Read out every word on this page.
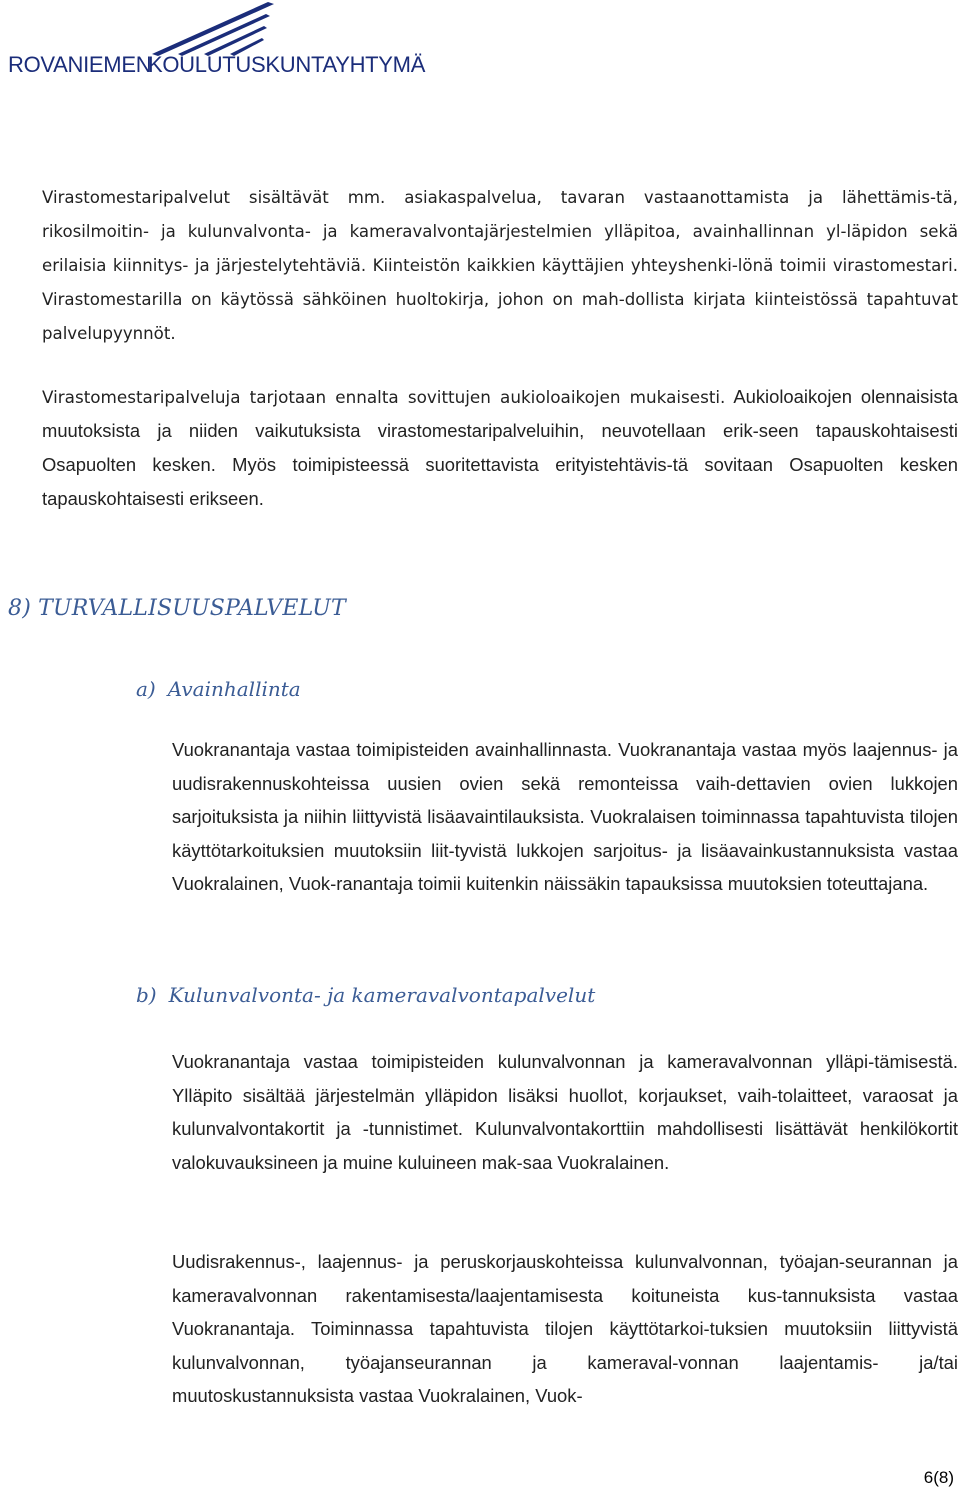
ROVANIEMEN
KOULUTUSKUNTAYHTYMÄ

Virastomestaripalvelut sisältävät mm. asiakaspalvelua, tavaran vastaanottamista ja lähettämis-tä, rikosilmoitin- ja kulunvalvonta- ja kameravalvontajärjestelmien ylläpitoa, avainhallinnan yl-läpidon sekä erilaisia kiinnitys- ja järjestelytehtäviä. Kiinteistön kaikkien käyttäjien yhteyshenki-lönä toimii virastomestari. Virastomestarilla on käytössä sähköinen huoltokirja, johon on mah-dollista kirjata kiinteistössä tapahtuvat palvelupyynnöt.

Virastomestaripalveluja tarjotaan ennalta sovittujen aukioloaikojen mukaisesti. Aukioloaikojen olennaisista muutoksista ja niiden vaikutuksista virastomestaripalveluihin, neuvotellaan erik-seen tapauskohtaisesti Osapuolten kesken. Myös toimipisteessä suoritettavista erityistehtävis-tä sovitaan Osapuolten kesken tapauskohtaisesti erikseen.

8) TURVALLISUUSPALVELUT
a) Avainhallinta

Vuokranantaja vastaa toimipisteiden avainhallinnasta. Vuokranantaja vastaa myös laajennus- ja uudisrakennuskohteissa uusien ovien sekä remonteissa vaih-dettavien ovien lukkojen sarjoituksista ja niihin liittyvistä lisäavaintilauksista. Vuokralaisen toiminnassa tapahtuvista tilojen käyttötarkoituksien muutoksiin liit-tyvistä lukkojen sarjoitus- ja lisäavainkustannuksista vastaa Vuokralainen, Vuok-ranantaja toimii kuitenkin näissäkin tapauksissa muutoksien toteuttajana.

b) Kulunvalvonta- ja kameravalvontapalvelut

Vuokranantaja vastaa toimipisteiden kulunvalvonnan ja kameravalvonnan ylläpi-tämisestä. Ylläpito sisältää järjestelmän ylläpidon lisäksi huollot, korjaukset, vaih-tolaitteet, varaosat ja kulunvalvontakortit ja -tunnistimet. Kulunvalvontakorttiin mahdollisesti lisättävät henkilökortit valokuvauksineen ja muine kuluineen mak-saa Vuokralainen.

Uudisrakennus-, laajennus- ja peruskorjauskohteissa kulunvalvonnan, työajan-seurannan ja kameravalvonnan rakentamisesta/laajentamisesta koituneista kus-tannuksista vastaa Vuokranantaja. Toiminnassa tapahtuvista tilojen käyttötarkoi-tuksien muutoksiin liittyvistä kulunvalvonnan, työajanseurannan ja kameraval-vonnan laajentamis- ja/tai muutoskustannuksista vastaa Vuokralainen, Vuok-

6(8)
